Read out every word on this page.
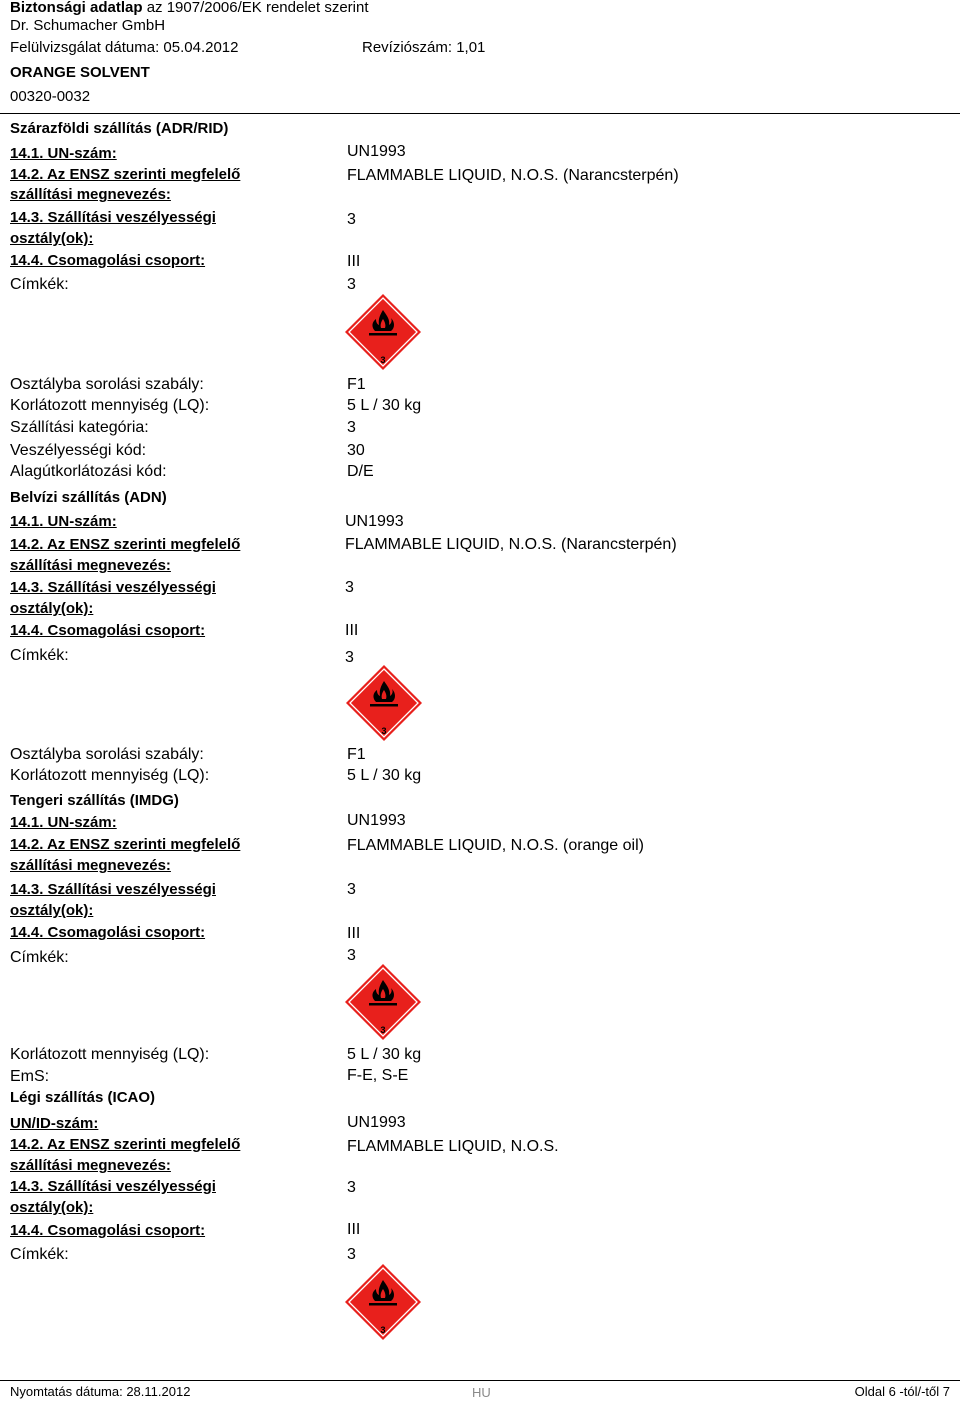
Biztonsági adatlap az 1907/2006/EK rendelet szerint
Dr. Schumacher GmbH
Felülvizsgálat dátuma: 05.04.2012	Revíziószám: 1,01
ORANGE SOLVENT
00320-0032
Szárazföldi szállítás (ADR/RID)
14.1. UN-szám:	UN1993
14.2. Az ENSZ szerinti megfelelő
szállítási megnevezés:
FLAMMABLE LIQUID, N.O.S. (Narancsterpén)
14.3. Szállítási veszélyességi
osztály(ok):
3
14.4. Csomagolási csoport:	III
Címkék:	3
3
Osztályba sorolási szabály:	F1
Korlátozott mennyiség (LQ):	5 L / 30 kg
Szállítási kategória:	3
Veszélyességi kód:	30
Alagútkorlátozási kód:	D/E
Belvízi szállítás (ADN)
14.1. UN-szám:	UN1993
14.2. Az ENSZ szerinti megfelelő
szállítási megnevezés:
FLAMMABLE LIQUID, N.O.S. (Narancsterpén)
14.3. Szállítási veszélyességi
osztály(ok):
3
14.4. Csomagolási csoport:	III
Címkék:	3
3
Osztályba sorolási szabály:	F1
Korlátozott mennyiség (LQ):	5 L / 30 kg
Tengeri szállítás (IMDG)
14.1. UN-szám:	UN1993
14.2. Az ENSZ szerinti megfelelő
szállítási megnevezés:
FLAMMABLE LIQUID, N.O.S. (orange oil)
14.3. Szállítási veszélyességi
osztály(ok):
3
14.4. Csomagolási csoport:	III
Címkék:	3
3
Korlátozott mennyiség (LQ):	5 L / 30 kg
EmS:	F-E, S-E
Légi szállítás (ICAO)
UN/ID-szám:	UN1993
14.2. Az ENSZ szerinti megfelelő
szállítási megnevezés:
FLAMMABLE LIQUID, N.O.S.
14.3. Szállítási veszélyességi
osztály(ok):
3
14.4. Csomagolási csoport:	III
Címkék:	3
3
Nyomtatás dátuma: 28.11.2012	HU	Oldal 6 -tól/-től 7
